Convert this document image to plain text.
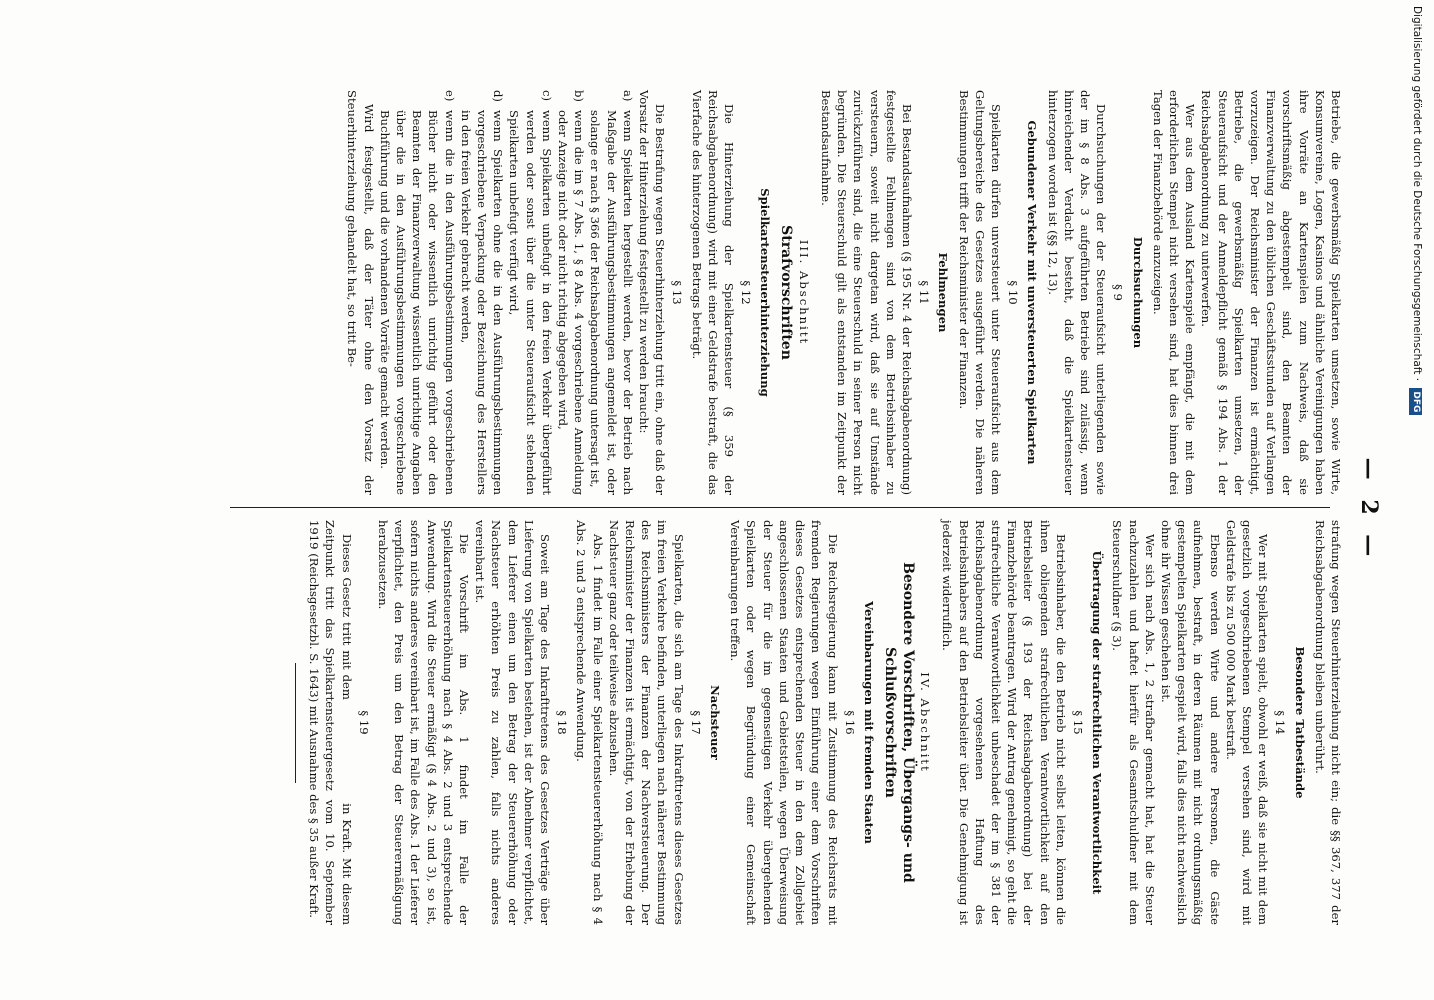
— 2 —

Betriebe, die gewerbsmäßig Spielkarten umsetzen, sowie Wirte, Konsumvereine, Logen, Kasinos und ähnliche Vereinigungen haben ihre Vorräte an Kartenspielen zum Nachweis, daß sie vorschriftsmäßig abgestempelt sind, den Beamten der Finanzverwaltung zu den üblichen Geschäftsstunden auf Verlangen vorzuzeigen. Der Reichsminister der Finanzen ist ermächtigt, Betriebe, die gewerbsmäßig Spielkarten umsetzen, der Steueraufsicht und der Anmeldepflicht gemäß § 194 Abs. 1 der Reichsabgabenordnung zu unterwerfen.

Wer aus dem Ausland Kartenspiele empfängt, die mit dem erforderlichen Stempel nicht versehen sind, hat dies binnen drei Tagen der Finanzbehörde anzuzeigen.

Durchsuchungen
§ 9

Durchsuchungen der der Steueraufsicht unterliegenden sowie der im § 8 Abs. 3 aufgeführten Betriebe sind zulässig, wenn hinreichender Verdacht besteht, daß die Spielkartensteuer hinterzogen worden ist (§§ 12, 13).

Gebundener Verkehr mit unversteuerten Spielkarten
§ 10

Spielkarten dürfen unversteuert unter Steueraufsicht aus dem Geltungsbereiche des Gesetzes ausgeführt werden. Die näheren Bestimmungen trifft der Reichsminister der Finanzen.

Fehlmengen
§ 11

Bei Bestandsaufnahmen (§ 195 Nr. 4 der Reichsabgabenordnung) festgestellte Fehlmengen sind von dem Betriebsinhaber zu versteuern, soweit nicht dargetan wird, daß sie auf Umstände zurückzuführen sind, die eine Steuerschuld in seiner Person nicht begründen. Die Steuerschuld gilt als entstanden im Zeitpunkt der Bestandsaufnahme.

III. Abschnitt
Strafvorschriften
Spielkartensteuerhinterziehung
§ 12

Die Hinterziehung der Spielkartensteuer (§ 359 der Reichsabgabenordnung) wird mit einer Geldstrafe bestraft, die das Vierfache des hinterzogenen Betrags beträgt.

§ 13

Die Bestrafung wegen Steuerhinterziehung tritt ein, ohne daß der Vorsatz der Hinterziehung festgestellt zu werden braucht:

a)
wenn Spielkarten hergestellt werden, bevor der Betrieb nach Maßgabe der Ausführungsbestimmungen angemeldet ist, oder solange er nach § 366 der Reichsabgabenordnung untersagt ist,
b)
wenn die im § 7 Abs. 1, § 8 Abs. 4 vorgeschriebene Anmeldung oder Anzeige nicht oder nicht richtig abgegeben wird,
c)
wenn Spielkarten unbefugt in den freien Verkehr übergeführt werden oder sonst über die unter Steueraufsicht stehenden Spielkarten unbefugt verfügt wird,
d)
wenn Spielkarten ohne die in den Ausführungsbestimmungen vorgeschriebene Verpackung oder Bezeichnung des Herstellers in den freien Verkehr gebracht werden,
e)
wenn die in den Ausführungsbestimmungen vorgeschriebenen Bücher nicht oder wissentlich unrichtig geführt oder den Beamten der Finanzverwaltung wissentlich unrichtige Angaben über die in den Ausführungsbestimmungen vorgeschriebene Buchführung und die vorhandenen Vorräte gemacht werden.

Wird festgestellt, daß der Täter ohne den Vorsatz der Steuerhinterziehung gehandelt hat, so tritt Be-

strafung wegen Steuerhinterziehung nicht ein; die §§ 367, 377 der Reichsabgabenordnung bleiben unberührt.

Besondere Tatbestände
§ 14

Wer mit Spielkarten spielt, obwohl er weiß, daß sie nicht mit dem gesetzlich vorgeschriebenen Stempel versehen sind, wird mit Geldstrafe bis zu 500 000 Mark bestraft.

Ebenso werden Wirte und andere Personen, die Gäste aufnehmen, bestraft, in deren Räumen mit nicht ordnungsmäßig gestempelten Spielkarten gespielt wird, falls dies nicht nachweislich ohne ihr Wissen geschehen ist.

Wer sich nach Abs. 1, 2 strafbar gemacht hat, hat die Steuer nachzuzahlen und haftet hierfür als Gesamtschuldner mit dem Steuerschuldner (§ 3).

Übertragung der strafrechtlichen Verantwortlichkeit
§ 15

Betriebsinhaber, die den Betrieb nicht selbst leiten, können die ihnen obliegenden strafrechtlichen Verantwortlichkeit auf den Betriebsleiter (§ 193 der Reichsabgabenordnung) bei der Finanzbehörde beantragen. Wird der Antrag genehmigt, so geht die strafrechtliche Verantwortlichkeit unbeschadet der im § 381 der Reichsabgabenordnung vorgesehenen Haftung des Betriebsinhabers auf den Betriebsleiter über. Die Genehmigung ist jederzeit widerruflich.

IV. Abschnitt
Besondere Vorschriften, Übergangs- und Schlußvorschriften
Vereinbarungen mit fremden Staaten
§ 16

Die Reichsregierung kann mit Zustimmung des Reichsrats mit fremden Regierungen wegen Einführung einer dem Vorschriften dieses Gesetzes entsprechenden Steuer in den dem Zollgebiet angeschlossenen Staaten und Gebietsteilen, wegen Überweisung der Steuer für die im gegenseitigen Verkehr übergehenden Spielkarten oder wegen Begründung einer Gemeinschaft Vereinbarungen treffen.

Nachsteuer
§ 17

Spielkarten, die sich am Tage des Inkrafttretens dieses Gesetzes im freien Verkehre befinden, unterliegen nach näherer Bestimmung des Reichsministers der Finanzen der Nachversteuerung. Der Reichsminister der Finanzen ist ermächtigt, von der Erhebung der Nachsteuer ganz oder teilweise abzusehen.

Abs. 1 findet im Falle einer Spielkartensteuererhöhung nach § 4 Abs. 2 und 3 entsprechende Anwendung.

§ 18

Soweit am Tage des Inkrafttretens des Gesetzes Verträge über Lieferung von Spielkarten bestehen, ist der Abnehmer verpflichtet, dem Lieferer einen um den Betrag der Steuererhöhung oder Nachsteuer erhöhten Preis zu zahlen, falls nichts anderes vereinbart ist.

Die Vorschrift im Abs. 1 findet im Falle der Spielkartensteuererhöhung nach § 4 Abs. 2 und 3 entsprechende Anwendung. Wird die Steuer ermäßigt (§ 4 Abs. 2 und 3), so ist, sofern nichts anderes vereinbart ist, im Falle des Abs. 1 der Lieferer verpflichtet, den Preis um den Betrag der Steuerermäßigung herabzusetzen.

§ 19

Dieses Gesetz tritt mit dem                     in Kraft. Mit diesem Zeitpunkt tritt das Spielkartensteuergesetz vom 10. September 1919 (Reichsgesetzbl. S. 1643) mit Ausnahme des § 35 außer Kraft.

Digitalisierung gefördert durch die Deutsche Forschungsgemeinschaft · DFG
